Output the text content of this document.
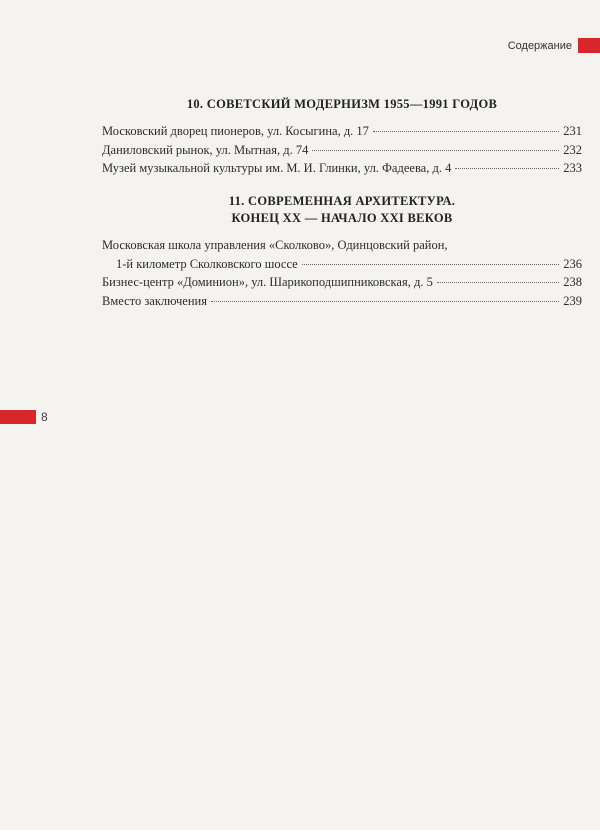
Содержание
8
10. СОВЕТСКИЙ МОДЕРНИЗМ 1955—1991 ГОДОВ
Московский дворец пионеров, ул. Косыгина, д. 17	231
Даниловский рынок, ул. Мытная, д. 74	232
Музей музыкальной культуры им. М. И. Глинки, ул. Фадеева, д. 4	233
11. СОВРЕМЕННАЯ АРХИТЕКТУРА.
КОНЕЦ XX — НАЧАЛО XXI ВЕКОВ
Московская школа управления «Сколково», Одинцовский район,
1-й километр Сколковского шоссе	236
Бизнес-центр «Доминион», ул. Шарикоподшипниковская, д. 5	238
Вместо заключения	239
